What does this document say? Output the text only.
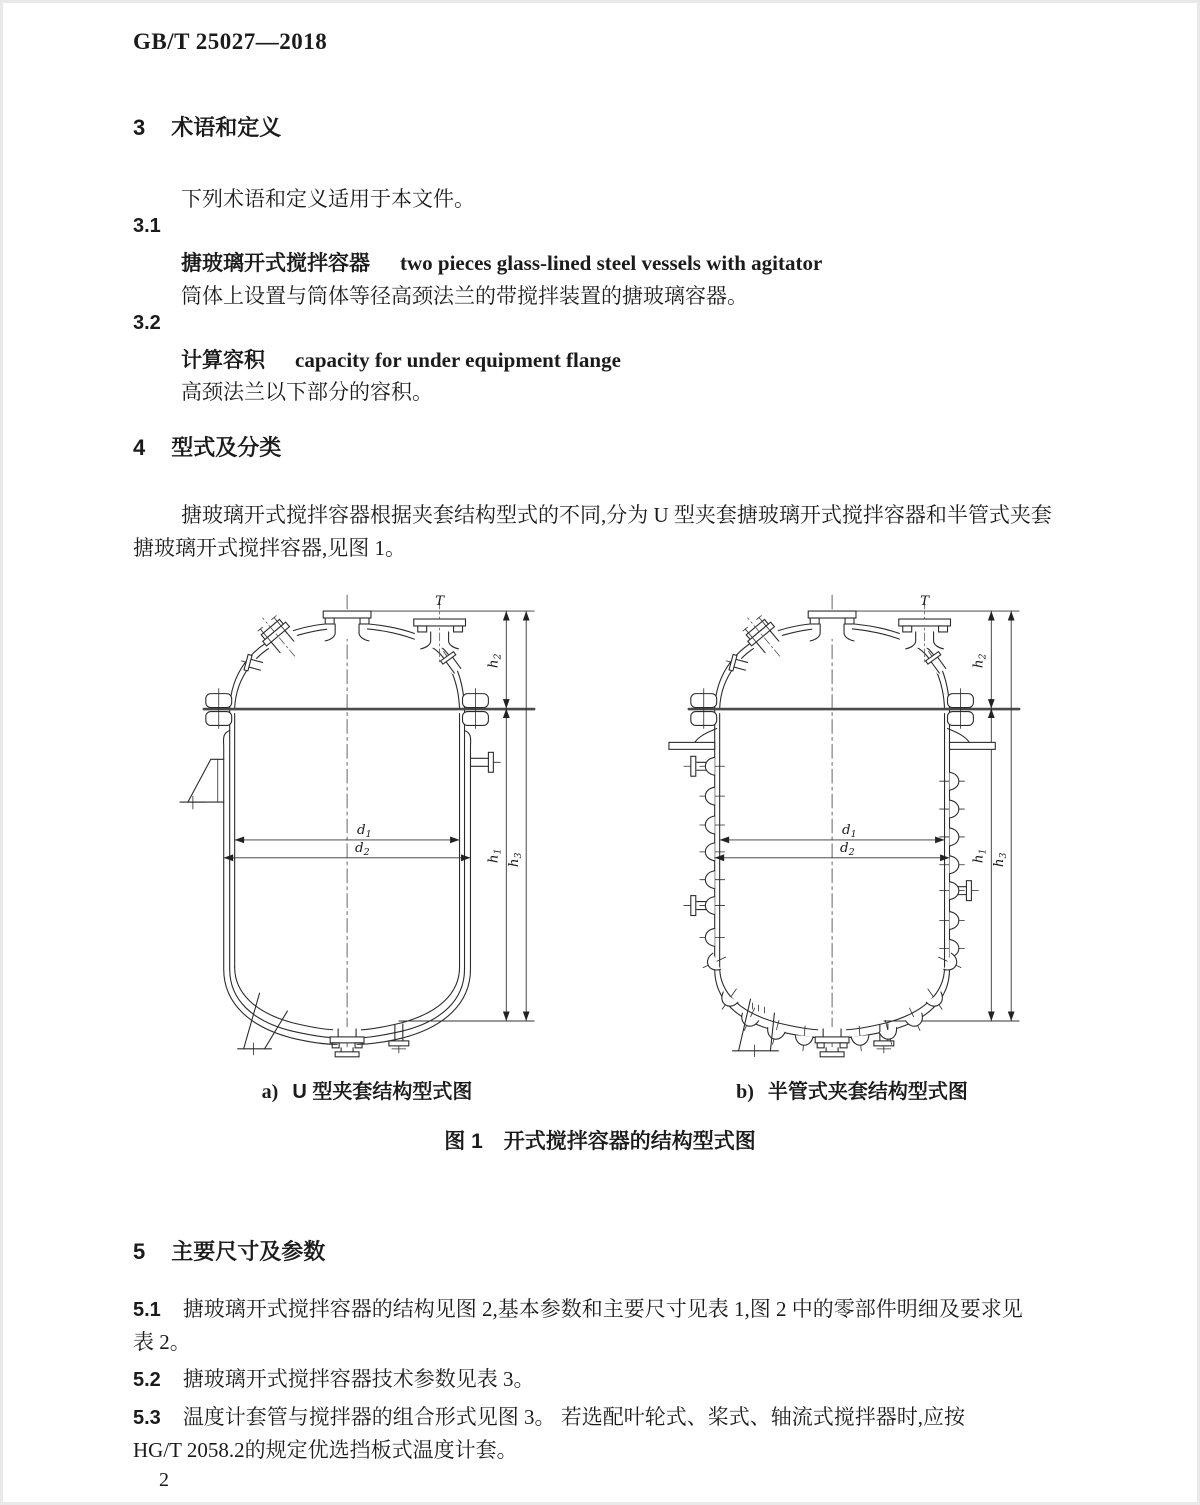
GB/T 25027—2018
3 术语和定义
下列术语和定义适用于本文件。
3.1
搪玻璃开式搅拌容器 two pieces glass-lined steel vessels with agitator
筒体上设置与筒体等径高颈法兰的带搅拌装置的搪玻璃容器。
3.2
计算容积 capacity for under equipment flange
高颈法兰以下部分的容积。
4 型式及分类
搪玻璃开式搅拌容器根据夹套结构型式的不同,分为 U 型夹套搪玻璃开式搅拌容器和半管式夹套
搪玻璃开式搅拌容器,见图 1。
T
$h_2$
$h_1$
$h_3$
$d_1$
$d_2$
T
$h_2$
$h_1$
$h_3$
$d_1$
$d_2$
a) U 型夹套结构型式图	b) 半管式夹套结构型式图
图 1　开式搅拌容器的结构型式图
5 主要尺寸及参数
5.1 搪玻璃开式搅拌容器的结构见图 2,基本参数和主要尺寸见表 1,图 2 中的零部件明细及要求见
表 2。
5.2 搪玻璃开式搅拌容器技术参数见表 3。
5.3 温度计套管与搅拌器的组合形式见图 3。 若选配叶轮式、桨式、轴流式搅拌器时,应按
HG/T 2058.2的规定优选挡板式温度计套。
2
